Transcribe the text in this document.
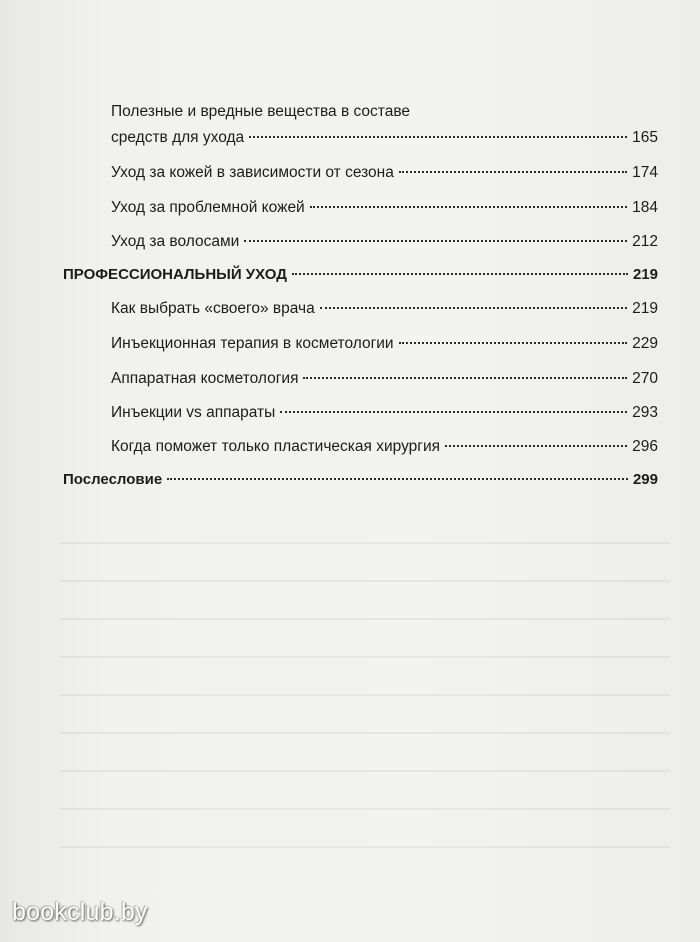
Полезные и вредные вещества в составе
средств для ухода	165
Уход за кожей в зависимости от сезона	174
Уход за проблемной кожей	184
Уход за волосами	212
ПРОФЕССИОНАЛЬНЫЙ УХОД	219
Как выбрать «своего» врача	219
Инъекционная терапия в косметологии	229
Аппаратная косметология	270
Инъекции vs аппараты	293
Когда поможет только пластическая хирургия	296
Послесловие	299
bookclub.by
